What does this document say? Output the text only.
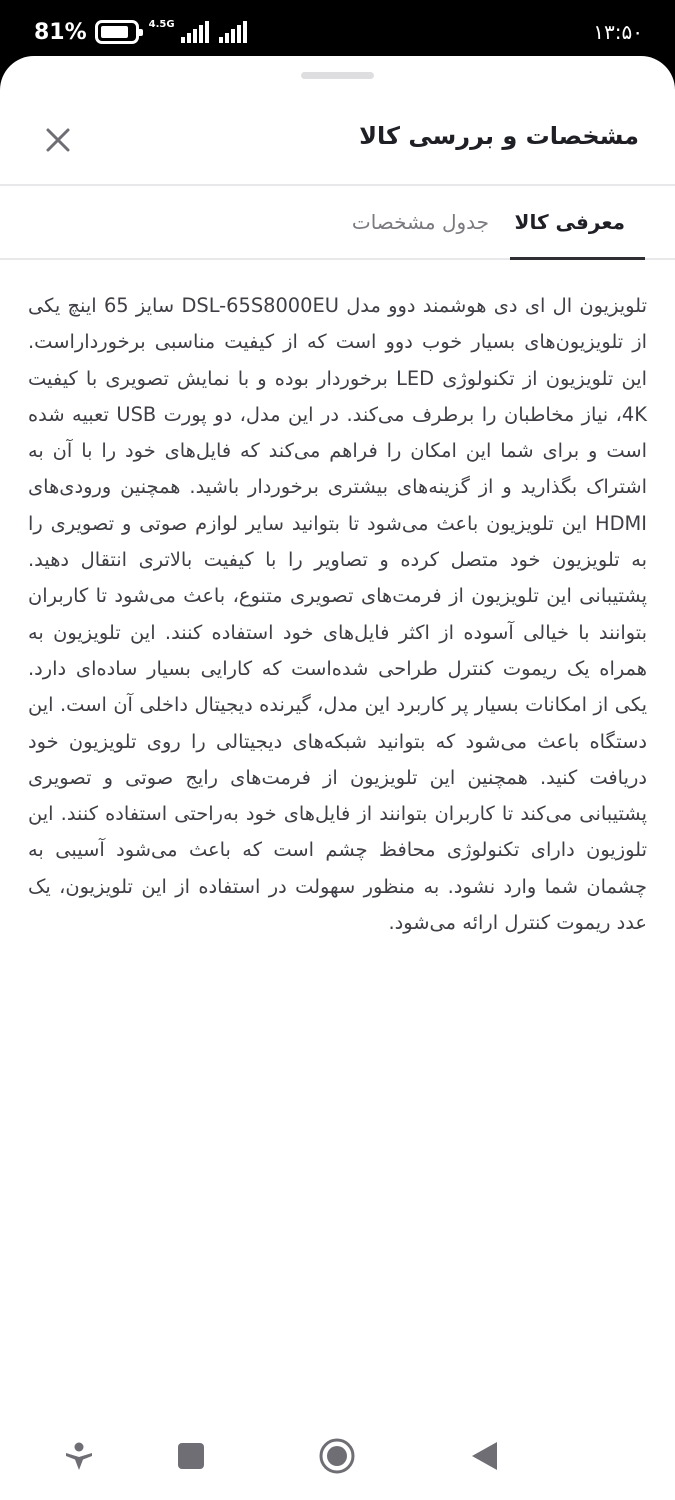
81%	4.5G	۱۳:۵۰
مشخصات و بررسی کالا
معرفی کالا
جدول مشخصات
تلویزیون ال ای دی هوشمند دوو مدل DSL-65S8000EU سایز 65 اینچ یکی از تلویزیون‌های بسیار خوب دوو است که از کیفیت مناسبی برخورداراست. این تلویزیون از تکنولوژی LED برخوردار بوده و با نمایش تصویری با کیفیت 4K، نیاز مخاطبان را برطرف می‌کند. در این مدل، دو پورت USB تعبیه شده است و برای شما این امکان را فراهم می‌کند که فایل‌های خود را با آن به اشتراک بگذارید و از گزینه‌های بیشتری برخوردار باشید. همچنین ورودی‌های HDMI این تلویزیون باعث می‌شود تا بتوانید سایر لوازم صوتی و تصویری را به تلویزیون خود متصل کرده و تصاویر را با کیفیت بالاتری انتقال دهید. پشتیبانی این تلویزیون از فرمت‌های تصویری متنوع، باعث می‌شود تا کاربران بتوانند با خیالی آسوده از اکثر فایل‌های خود استفاده کنند. این تلویزیون به همراه یک ریموت کنترل طراحی شده‌است که کارایی بسیار ساده‌ای دارد. یکی از امکانات بسیار پر کاربرد این مدل، گیرنده دیجیتال داخلی آن است. این دستگاه باعث می‌شود که بتوانید شبکه‌های دیجیتالی را روی تلویزیون خود دریافت کنید. همچنین این تلویزیون از فرمت‌های رایج صوتی و تصویری پشتیبانی می‌کند تا کاربران بتوانند از فایل‌های خود به‌راحتی استفاده کنند. این تلوزیون دارای تکنولوژی محافظ چشم است که باعث می‌شود آسیبی به چشمان شما وارد نشود. به منظور سهولت در استفاده از این تلویزیون، یک عدد ریموت کنترل ارائه می‌شود.
